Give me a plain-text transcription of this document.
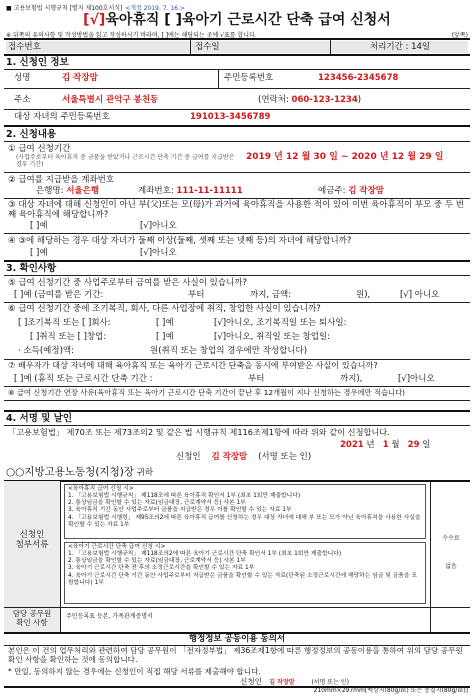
■ 고용보험법 시행규칙 [별지 제100호서식] <개정 2019. 7. 16.>
[√]육아휴직 [ ]육아기 근로시간 단축 급여 신청서
※ 뒤쪽의 유의사항 및 작성방법을 읽고 작성하시기 바라며, [ ]에는 해당되는 곳에 √표를 합니다.	(앞쪽)
접수번호	접수일	처리기간 : 14일
1. 신청인 정보
성명	김 작장맘	주민등록번호	123456-2345678
주소	서울특별시 관악구 봉천동	(연락처: 060-123-1234)
대상 자녀의 주민등록번호	191013-3456789
2. 신청내용
① 급여 신청기간
(사업주로부터 육아휴직 중 금품을 받았거나 근로시간 단축 기간 중 급여를 지급받은 경우 기간)
2019 년 12 월 30 일 ~ 2020 년 12 월 29 일
② 급여를 지급받을 계좌번호
은행명: 서울은행	계좌번호: 111-11-11111	예금주: 김 작장맘
③ 대상 자녀에 대해 신청인이 아닌 부(父)또는 모(母)가 과거에 육아휴직을 사용한 적이 있어 이번 육아휴직이 부모 중 두 번째 육아휴직에 해당합니까?
[ ]예	[√]아니오
④ ③에 해당하는 경우 대상 자녀가 둘째 이상(둘째, 셋째 또는 넷째 등)의 자녀에 해당합니까?
[ ]예	[√]아니오
3. 확인사항
⑤ 급여 신청기간 중 사업주로부터 금여를 받은 사실이 있습니까?
[ ]예 (금여를 받은 기간:	부터	까지, 금액:	원),	[√] 아니오
⑥ 급여 신청기간 중에 조기복직, 회사, 다른 사업장에 취직, 창업한 사실이 있습니까?
[ ]조기복직 또는 [ ]회사:	[ ]예	[√]아니오, 조기복직일 또는 퇴사일:
[ ]취직 또는 [ ]창업:	[ ]예	[√]아니오, 취직일 또는 창업일:
· 소득(예정)액:	원(취직 또는 창업의 경우에만 작성합니다)
⑦ 배우자가 대상 자녀에 대해 육아휴직 또는 육아기 근로시간 단축을 동시에 부여받은 사실이 있습니까?
[ ]예 (휴직 또는 근로시간 단축 기간 :	부터	까지),	[√]아니오
⑧ 급여 신청기간 연장 사유(육아휴직 또는 육아기 근로시간 단축 기간이 끝난 후 12개월이 지나 신청하는 경우에만 적습니다)
4. 서명 및 날인
「고용보험법」 제70조 또는 제73조의2 및 같은 법 시행규칙 제116조제1항에 따라 위와 같이 신청합니다.
2021 년 1 월 29 일
신청인 김 작장맘 (서명 또는 인)
○○지방고용노동청(지청)장 귀하
신청인
첨부서류
<육아휴직 급여 신청 시>
1. 「고용보험법 시행규칙」 제118조에 따른 육아휴직 확인서 1부 (최초 1회만 제출합니다)
2. 통상임금을 확인할 수 있는 자료(임금대장, 근로계약서 등) 사본 1부
3. 육아휴직 기간 동안 사업주로부터 금품을 지급받은 경우 이를 확인할 수 있는 자료 1부
4. 「고용보험법 시행령」 제95조의2에 따른 육아휴직 급여를 신청하는 경우 대상 자녀에 대해 부 또는 모가 아닌 육아휴직을 사용한 사실을 확인할 수 있는 자료 1부
<육아기 근로시간 단축 급여 신청 시>
1. 「고용보험법 시행규칙」 제118조의2에 따른 육아기 근로시간 단축 확인서 1부 (최초 1회만 제출합니다)
2. 통상임금을 확인할 수 있는 자료(임금대장, 근로계약서 등) 사본 1부
3. 육아기 근로시간 단축 전·후의 소정근로시간을 확인할 수 있는 자료 1부
4. 육아기 근로시간 단축 기간 동안 사업주로부터 지급받은 금품을 확인할 수 있는 자료(단축된 소정근로시간에 해당하는 임금 및 금품을 포함합니다) 1부
수수료
없음
담당 공무원
확인 사항
주민등록표 등본, 가족관계증명서
행정정보 공동이용 동의서
본인은 이 건의 업무처리와 관련하여 담당 공무원이 「전자정부법」 제36조제1항에 따른 행정정보의 공동이용을 통하여 위의 담당 공무원 확인 사항을 확인하는 것에 동의합니다.
* 만일, 동의하지 않는 경우에는 신청인이 직접 해당 서류를 제출해야 합니다.
신청인 김 작장맘	(서명 또는 인)
210mm×297mm[백상지(80g/㎡) 또는 중질지(80g/㎡)]
